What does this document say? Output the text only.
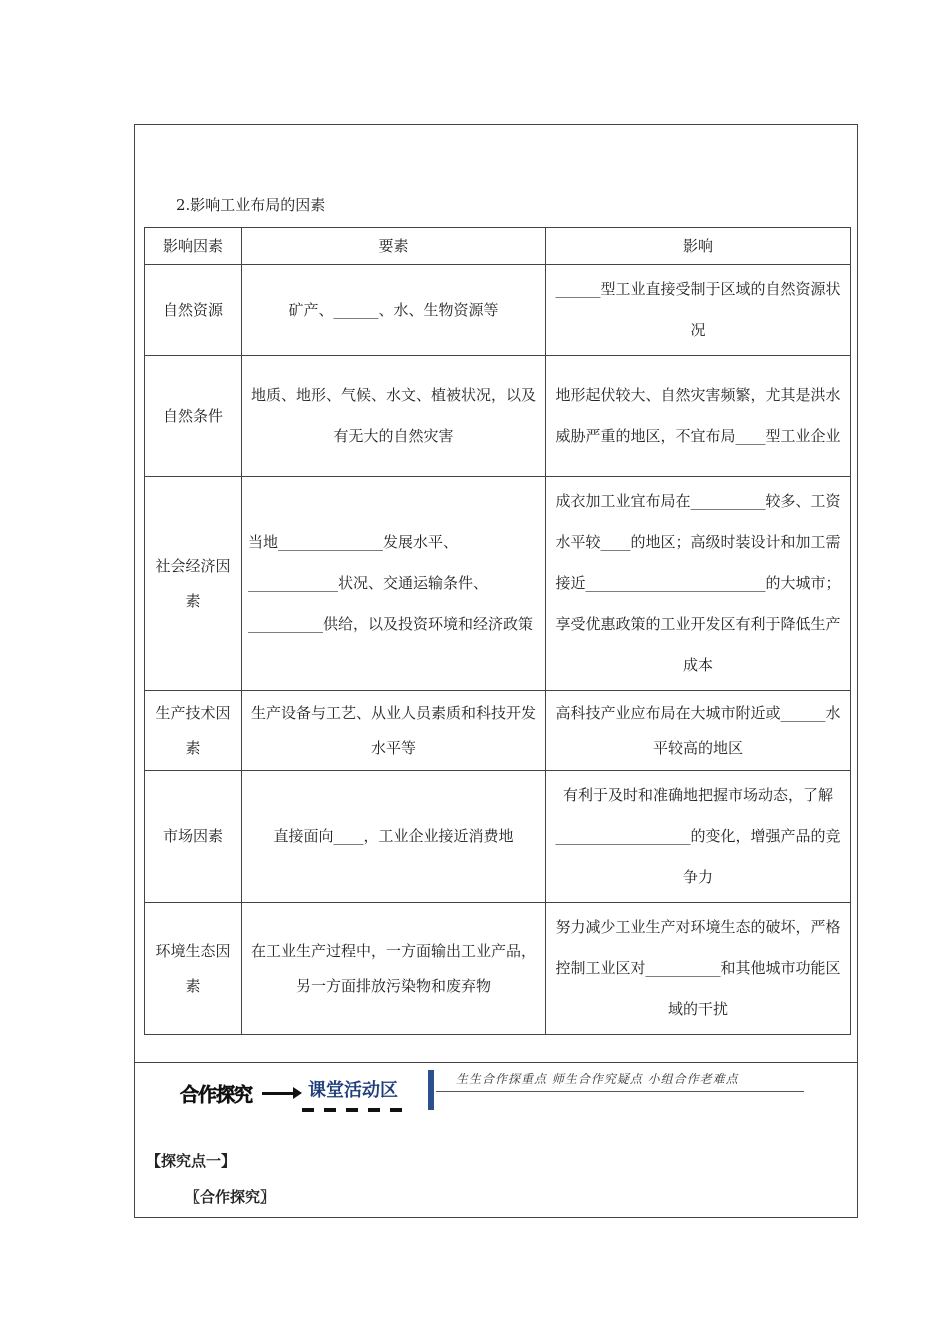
2.影响工业布局的因素
影响因素	要素	影响
自然资源	矿产、______、水、生物资源等	______型工业直接受制于区域的自然资源状况
自然条件	地质、地形、气候、水文、植被状况，以及有无大的自然灾害	地形起伏较大、自然灾害频繁，尤其是洪水威胁严重的地区，不宜布局____型工业企业
社会经济因素	当地______________发展水平、____________状况、交通运输条件、__________供给，以及投资环境和经济政策	成衣加工业宜布局在__________较多、工资水平较____的地区；高级时装设计和加工需接近________________________的大城市；享受优惠政策的工业开发区有利于降低生产成本
生产技术因素	生产设备与工艺、从业人员素质和科技开发水平等	高科技产业应布局在大城市附近或______水平较高的地区
市场因素	直接面向____，工业企业接近消费地	有利于及时和准确地把握市场动态，了解__________________的变化，增强产品的竞争力
环境生态因素	在工业生产过程中，一方面输出工业产品，另一方面排放污染物和废弃物	努力减少工业生产对环境生态的破坏，严格控制工业区对__________和其他城市功能区域的干扰
合作探究	课堂活动区
生生合作探重点 师生合作究疑点 小组合作老难点
【探究点一】
〖合作探究〗
